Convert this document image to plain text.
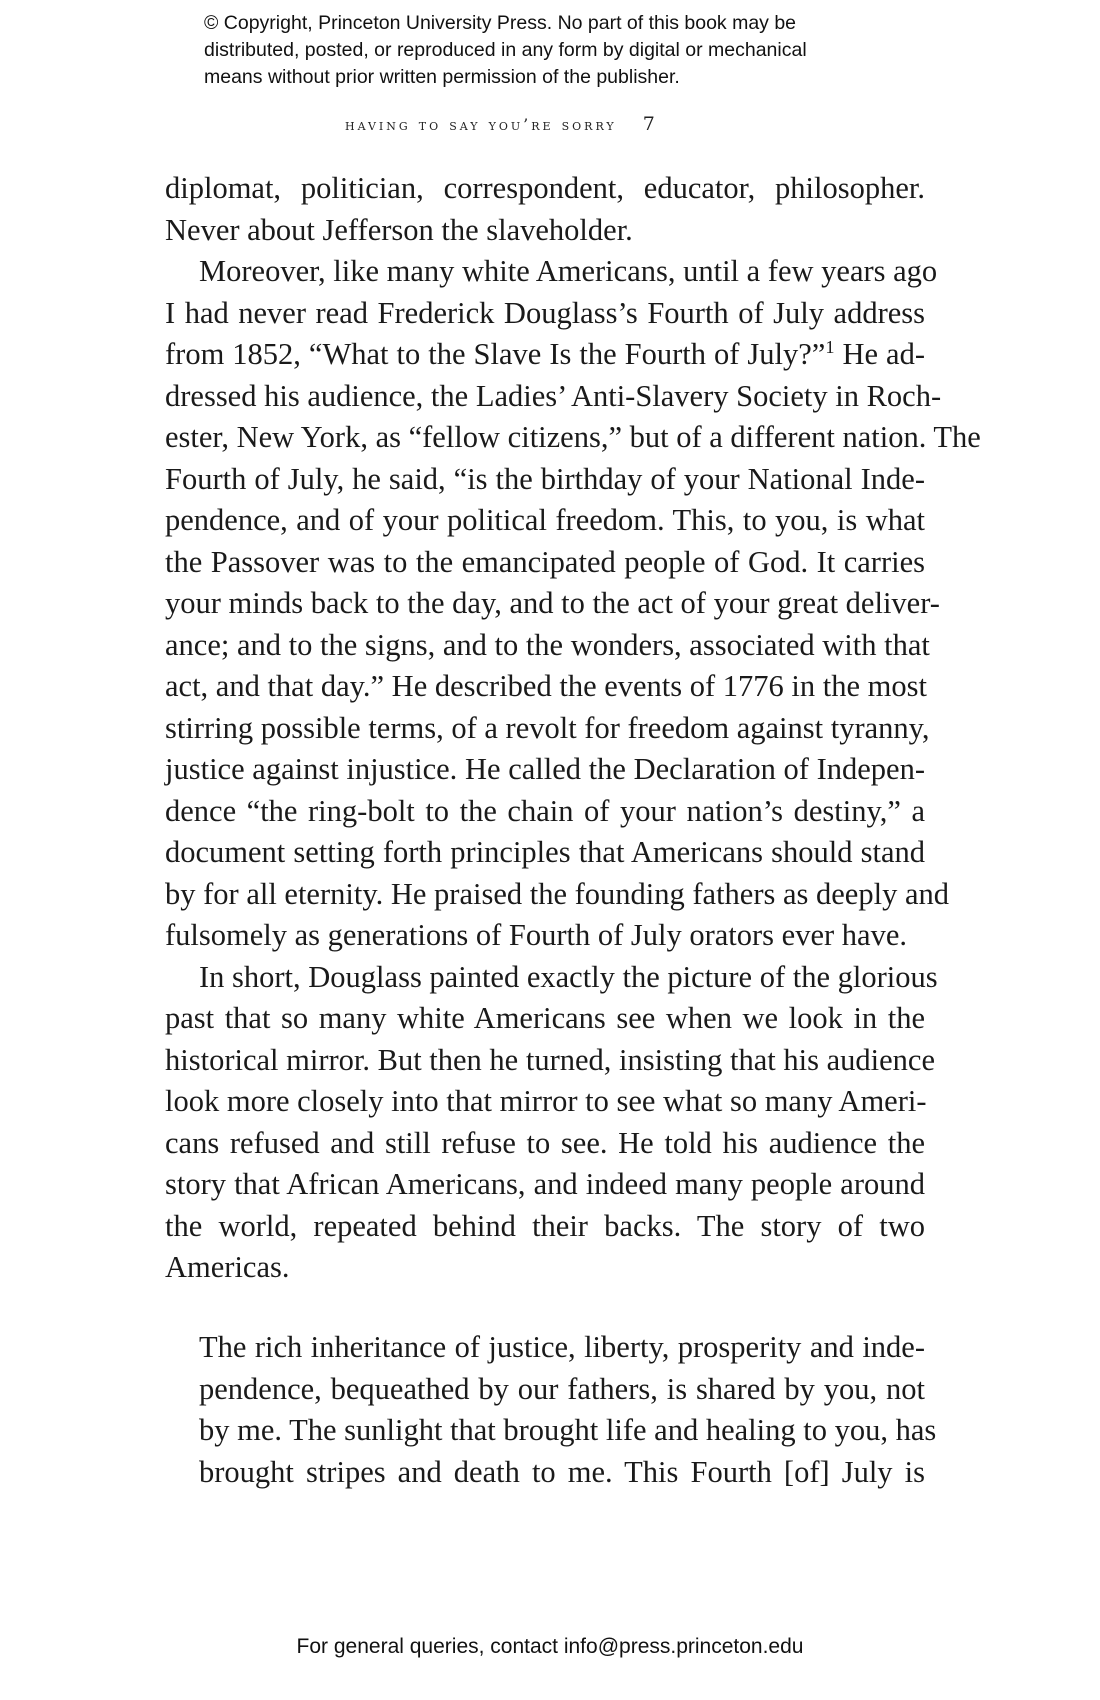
© Copyright, Princeton University Press. No part of this book may be
distributed, posted, or reproduced in any form by digital or mechanical
means without prior written permission of the publisher.
having to say you’re sorry 7
diplomat, politician, correspondent, educator, philosopher.
Never about Jefferson the slaveholder.
Moreover, like many white Americans, until a few years ago
I had never read Frederick Douglass’s Fourth of July address
from 1852, “What to the Slave Is the Fourth of July?”$^1$ He ad-
dressed his audience, the Ladies’ Anti-Slavery Society in Roch-
ester, New York, as “fellow citizens,” but of a different nation. The
Fourth of July, he said, “is the birthday of your National Inde-
pendence, and of your political freedom. This, to you, is what
the Passover was to the emancipated people of God. It carries
your minds back to the day, and to the act of your great deliver-
ance; and to the signs, and to the wonders, associated with that
act, and that day.” He described the events of 1776 in the most
stirring possible terms, of a revolt for freedom against tyranny,
justice against injustice. He called the Declaration of Indepen-
dence “the ring-bolt to the chain of your nation’s destiny,” a
document setting forth principles that Americans should stand
by for all eternity. He praised the founding fathers as deeply and
fulsomely as generations of Fourth of July orators ever have.
In short, Douglass painted exactly the picture of the glorious
past that so many white Americans see when we look in the
historical mirror. But then he turned, insisting that his audience
look more closely into that mirror to see what so many Ameri-
cans refused and still refuse to see. He told his audience the
story that African Americans, and indeed many people around
the world, repeated behind their backs. The story of two
Americas.
The rich inheritance of justice, liberty, prosperity and inde-
pendence, bequeathed by our fathers, is shared by you, not
by me. The sunlight that brought life and healing to you, has
brought stripes and death to me. This Fourth [of] July is
For general queries, contact info@press.princeton.edu
